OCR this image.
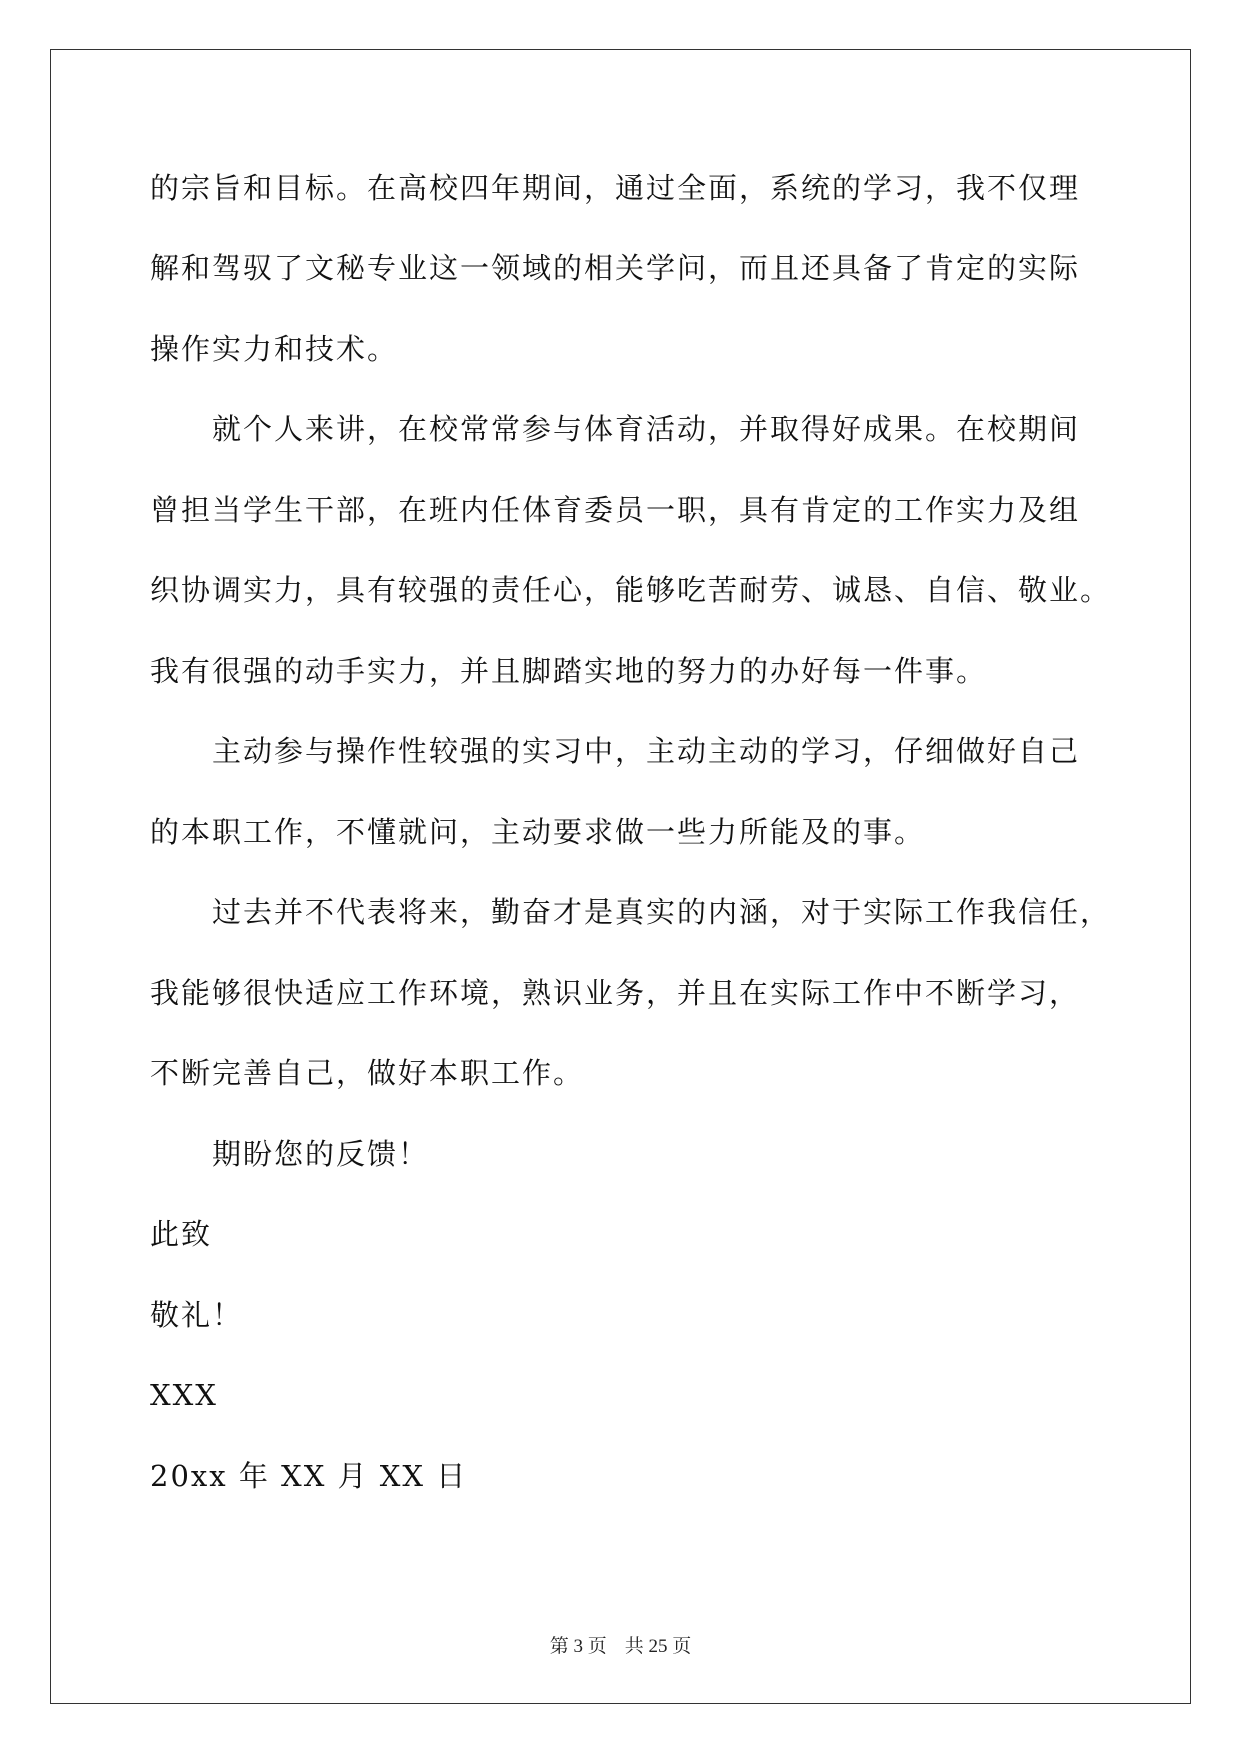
的宗旨和目标。在高校四年期间，通过全面，系统的学习，我不仅理
解和驾驭了文秘专业这一领域的相关学问，而且还具备了肯定的实际
操作实力和技术。
　　就个人来讲，在校常常参与体育活动，并取得好成果。在校期间
曾担当学生干部，在班内任体育委员一职，具有肯定的工作实力及组
织协调实力，具有较强的责任心，能够吃苦耐劳、诚恳、自信、敬业。
我有很强的动手实力，并且脚踏实地的努力的办好每一件事。
　　主动参与操作性较强的实习中，主动主动的学习，仔细做好自己
的本职工作，不懂就问，主动要求做一些力所能及的事。
　　过去并不代表将来，勤奋才是真实的内涵，对于实际工作我信任，
我能够很快适应工作环境，熟识业务，并且在实际工作中不断学习，
不断完善自己，做好本职工作。
　　期盼您的反馈！
此致
敬礼！
XXX
20xx 年 XX 月 XX 日
第 3 页 共 25 页
